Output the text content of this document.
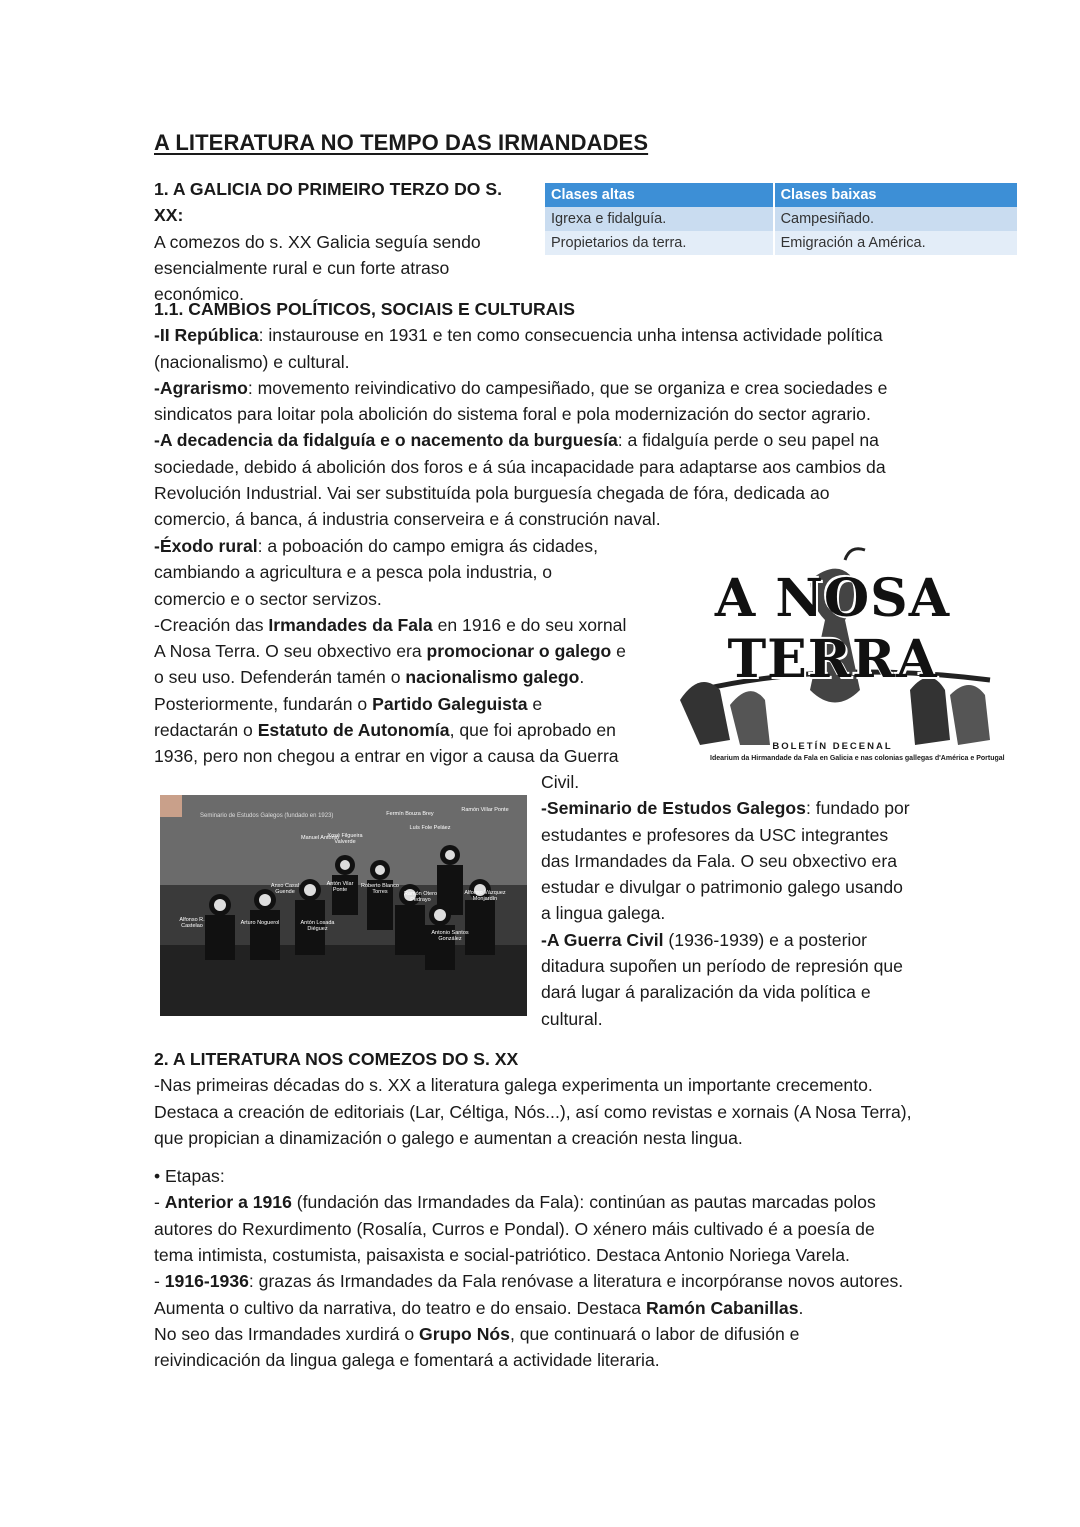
A LITERATURA NO TEMPO DAS IRMANDADES
1. A GALICIA DO PRIMEIRO TERZO DO S. XX:
A comezos do s. XX Galicia seguía sendo
esencialmente rural e cun forte atraso
económico.
Clases altas	Clases baixas
Igrexa e fidalguía.	Campesiñado.
Propietarios da terra.	Emigración a América.
1.1. CAMBIOS POLÍTICOS, SOCIAIS E CULTURAIS
-II República: instaurouse en 1931 e ten como consecuencia unha intensa actividade política
(nacionalismo) e cultural.
-Agrarismo: movemento reivindicativo do campesiñado, que se organiza e crea sociedades e
sindicatos para loitar pola abolición do sistema foral e pola modernización do sector agrario.
-A decadencia da fidalguía e o nacemento da burguesía: a fidalguía perde o seu papel na
sociedade, debido á abolición dos foros e á súa incapacidade para adaptarse aos cambios da
Revolución Industrial. Vai ser substituída pola burguesía chegada de fóra, dedicada ao
comercio, á banca, á industria conserveira e á construción naval.
-Éxodo rural: a poboación do campo emigra ás cidades,
cambiando a agricultura e a pesca pola industria, o
comercio e o sector servizos.
-Creación das Irmandades da Fala en 1916 e do seu xornal
A Nosa Terra. O seu obxectivo era promocionar o galego e
o seu uso. Defenderán tamén o nacionalismo galego.
Posteriormente, fundarán o Partido Galeguista e
redactarán o Estatuto de Autonomía, que foi aprobado en
1936, pero non chegou a entrar en vigor a causa da Guerra
Civil.
-Seminario de Estudos Galegos: fundado por
estudantes e profesores da USC integrantes
das Irmandades da Fala. O seu obxectivo era
estudar e divulgar o patrimonio galego usando
a lingua galega.
-A Guerra Civil (1936-1939) e a posterior
ditadura supoñen un período de represión que
dará lugar á paralización da vida política e
cultural.
A NOSA TERRA
BOLETÍN DECENAL
Idearium da Hirmandade da Fala en Galicia e nas colonias gallegas d'América e Portugal
Seminario de Estudos Galegos (fundado en 1923)	Fermín Bouza Brey
Luís Fole Peláez
Ramón Villar Ponte
Xosé Filgueira Valverde
Antón Vilar Ponte
Roberto Blanco Torres	Ramón Otero Pedrayo
Alfonso Vázquez Monjardín
Arturo Noguerol	Antón Losada Diéguez
Alfonso R. Castelao
Antonio Santos González
Anxo Casal Guende
Manuel Antonio
2. A LITERATURA NOS COMEZOS DO S. XX
-Nas primeiras décadas do s. XX a literatura galega experimenta un importante crecemento.
Destaca a creación de editoriais (Lar, Céltiga, Nós...), así como revistas e xornais (A Nosa Terra),
que propician a dinamización o galego e aumentan a creación nesta lingua.
• Etapas:
- Anterior a 1916 (fundación das Irmandades da Fala): continúan as pautas marcadas polos
autores do Rexurdimento (Rosalía, Curros e Pondal). O xénero máis cultivado é a poesía de
tema intimista, costumista, paisaxista e social-patriótico. Destaca Antonio Noriega Varela.
- 1916-1936: grazas ás Irmandades da Fala renóvase a literatura e incorpóranse novos autores.
Aumenta o cultivo da narrativa, do teatro e do ensaio. Destaca Ramón Cabanillas.
No seo das Irmandades xurdirá o Grupo Nós, que continuará o labor de difusión e
reivindicación da lingua galega e fomentará a actividade literaria.
